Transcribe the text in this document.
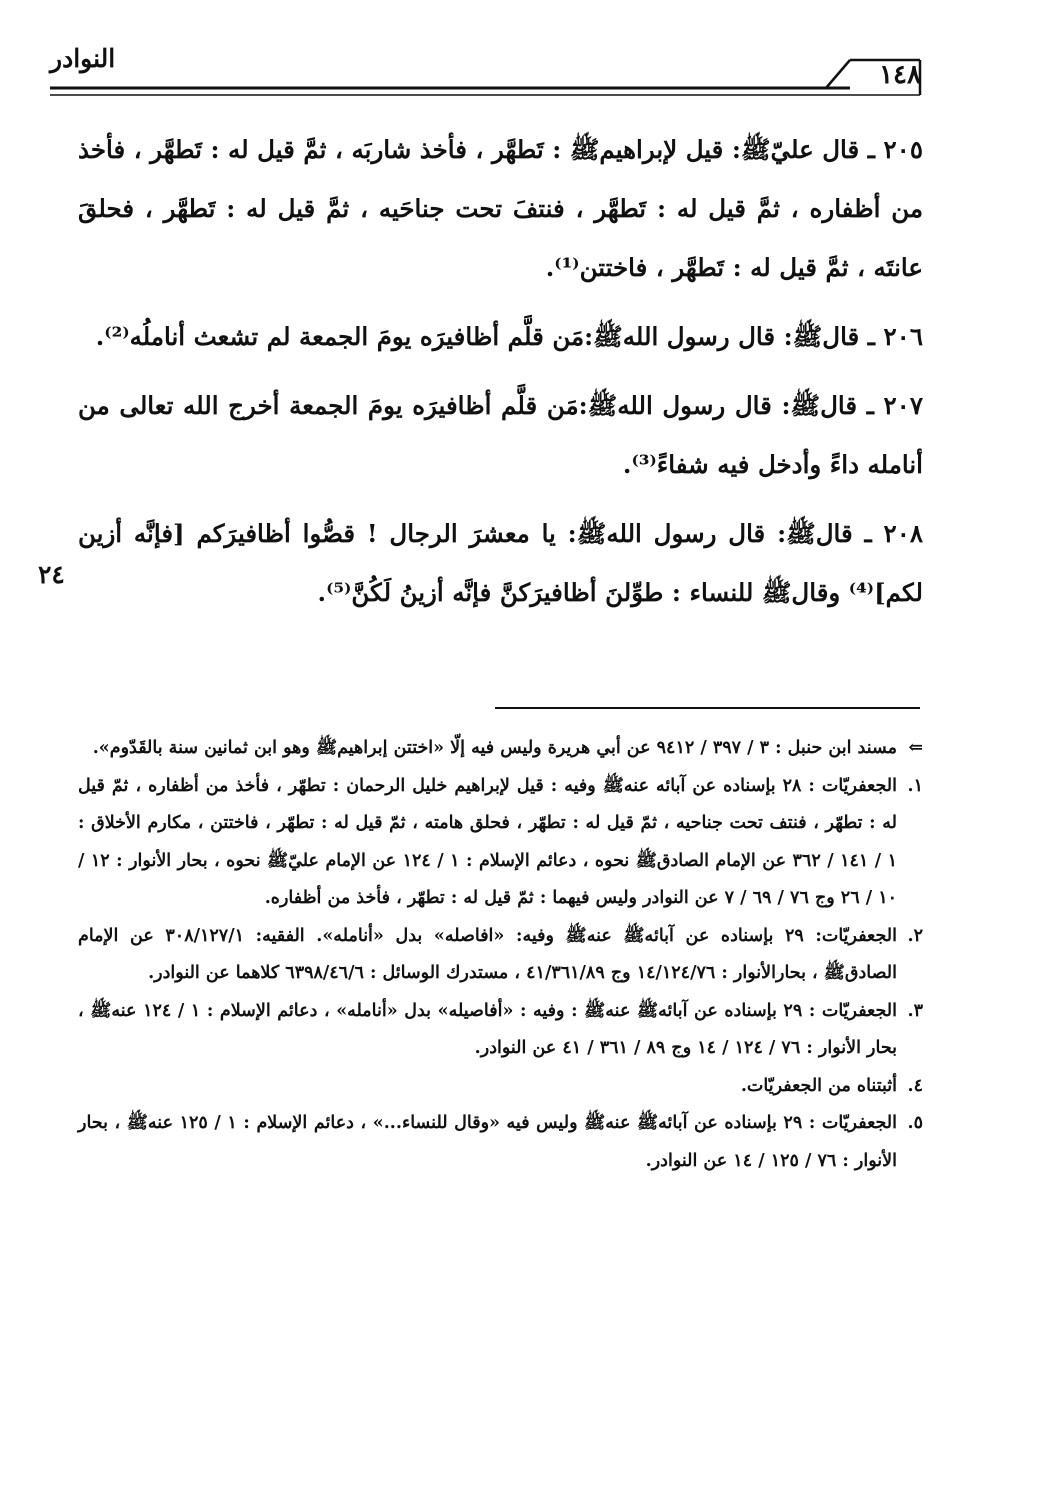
النوادر
١٤٨

٢٠٥ ـ قال عليّﷺ: قيل لإبراهيمﷺ : تَطهَّر ، فأخذ شاربَه ، ثمَّ قيل له : تَطهَّر ، فأخذ من أظفاره ، ثمَّ قيل له : تَطهَّر ، فنتفَ تحت جناحَيه ، ثمَّ قيل له : تَطهَّر ، فحلقَ عانتَه ، ثمَّ قيل له : تَطهَّر ، فاختتن⁽¹⁾.

٢٠٦ ـ قالﷺ: قال رسول اللهﷺ:مَن قلَّم أظافيرَه يومَ الجمعة لم تشعث أناملُه⁽²⁾.

٢٠٧ ـ قالﷺ: قال رسول اللهﷺ:مَن قلَّم أظافيرَه يومَ الجمعة أخرج الله تعالى من أنامله داءً وأدخل فيه شفاءً⁽³⁾.

٢٠٨ ـ قالﷺ: قال رسول اللهﷺ: يا معشرَ الرجال ! قصُّوا أظافيرَكم [فإنَّه أزين لكم]⁽⁴⁾ وقالﷺ للنساء : طوِّلنَ أظافيرَكنَّ فإنَّه أزينُ لَكُنَّ⁽⁵⁾.

٢٤

⇐
مسند ابن حنبل : ٣ / ٣٩٧ / ٩٤١٢ عن أبي هريرة وليس فيه إلّا «اختتن إبراهيمﷺ وهو ابن ثمانين سنة بالقَدّوم».

١.
الجعفريّات : ٢٨ بإسناده عن آبائه عنهﷺ وفيه : قيل لإبراهيم خليل الرحمان : تطهّر ، فأخذ من أظفاره ، ثمّ قيل له : تطهّر ، فنتف تحت جناحيه ، ثمّ قيل له : تطهّر ، فحلق هامته ، ثمّ قيل له : تطهّر ، فاختتن ، مكارم الأخلاق : ١ / ١٤١ / ٣٦٢ عن الإمام الصادقﷺ نحوه ، دعائم الإسلام : ١ / ١٢٤ عن الإمام عليّﷺ نحوه ، بحار الأنوار : ١٢ / ١٠ / ٢٦ وج ٧٦ / ٦٩ / ٧ عن النوادر وليس فيهما : ثمّ قيل له : تطهّر ، فأخذ من أظفاره.

٢.
الجعفريّات: ٢٩ بإسناده عن آبائهﷺ عنهﷺ وفيه: «افاصله» بدل «أنامله». الفقيه: ٣٠٨/١٢٧/١ عن الإمام الصادقﷺ ، بحارالأنوار : ١٤/١٢٤/٧٦ وج ٤١/٣٦١/٨٩ ، مستدرك الوسائل : ٦٣٩٨/٤٦/٦ كلاهما عن النوادر.

٣.
الجعفريّات : ٢٩ بإسناده عن آبائهﷺ عنهﷺ : وفيه : «أفاصيله» بدل «أنامله» ، دعائم الإسلام : ١ / ١٢٤ عنهﷺ ، بحار الأنوار : ٧٦ / ١٢٤ / ١٤ وج ٨٩ / ٣٦١ / ٤١ عن النوادر.

٤.
أثبتناه من الجعفريّات.

٥.
الجعفريّات : ٢٩ بإسناده عن آبائهﷺ عنهﷺ وليس فيه «وقال للنساء...» ، دعائم الإسلام : ١ / ١٢٥ عنهﷺ ، بحار الأنوار : ٧٦ / ١٢٥ / ١٤ عن النوادر.
